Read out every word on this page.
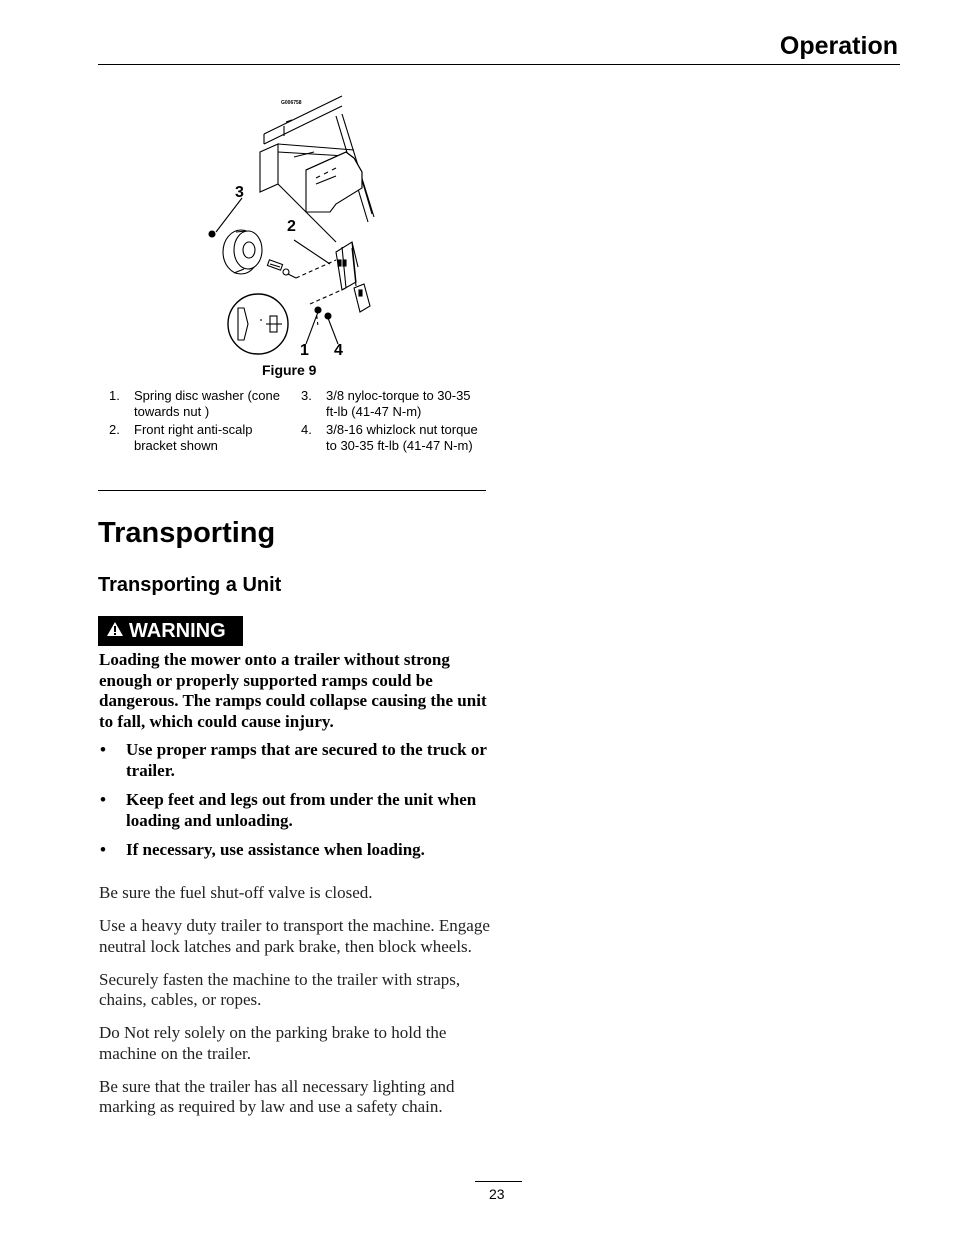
Operation
G006758
3
2
1 4
Figure 9
1. Spring disc washer (cone towards nut )
2. Front right anti-scalp bracket shown
3. 3/8 nyloc-torque to 30-35 ft-lb (41-47 N-m)
4. 3/8-16 whizlock nut torque to 30-35 ft-lb (41-47 N-m)
Transporting
Transporting a Unit
WARNING
Loading the mower onto a trailer without strong enough or properly supported ramps could be dangerous. The ramps could collapse causing the unit to fall, which could cause injury.
• Use proper ramps that are secured to the truck or trailer.
• Keep feet and legs out from under the unit when loading and unloading.
• If necessary, use assistance when loading.

Be sure the fuel shut-off valve is closed.

Use a heavy duty trailer to transport the machine. Engage neutral lock latches and park brake, then block wheels.

Securely fasten the machine to the trailer with straps, chains, cables, or ropes.

Do Not rely solely on the parking brake to hold the machine on the trailer.

Be sure that the trailer has all necessary lighting and marking as required by law and use a safety chain.

23
